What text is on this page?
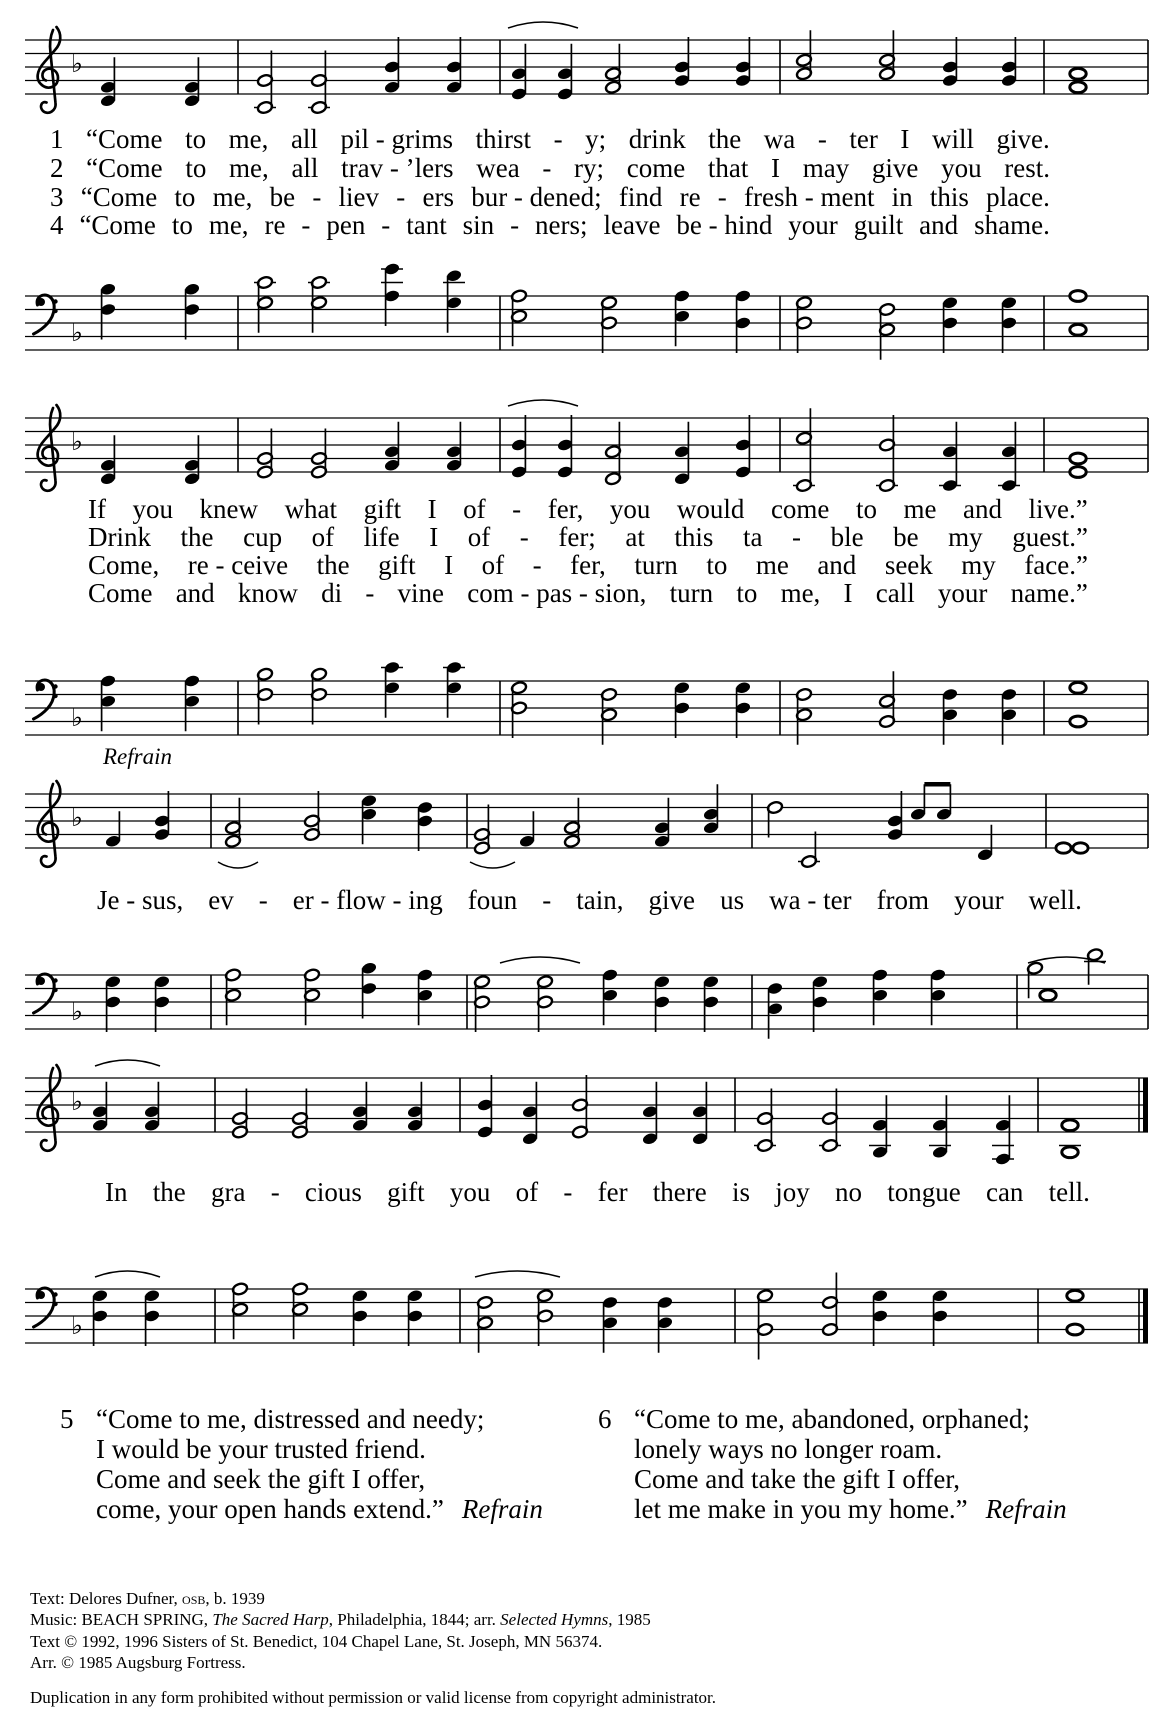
♭
♭
♭
♭
♭
♭
♭
♭
Refrain
Text: Delores Dufner, osb, b. 1939
Music: BEACH SPRING, The Sacred Harp, Philadelphia, 1844; arr. Selected Hymns, 1985
Text © 1992, 1996 Sisters of St. Benedict, 104 Chapel Lane, St. Joseph, MN 56374.
Arr. © 1985 Augsburg Fortress.
Duplication in any form prohibited without permission or valid license from copyright administrator.
1 “Come to me, all pil - grims thirst - y; drink the wa - ter I will give.
2 “Come to me, all trav - ’lers wea - ry; come that I may give you rest.
3 “Come to me, be - liev - ers bur - dened; find re - fresh - ment in this place.
4 “Come to me, re - pen - tant sin - ners; leave be - hind your guilt and shame.
If you knew what gift I of - fer, you would come to me and live.”
Drink the cup of life I of - fer; at this ta - ble be my guest.”
Come, re - ceive the gift I of - fer, turn to me and seek my face.”
Come and know di - vine com - pas - sion, turn to me, I call your name.”
Je - sus, ev - er - flow - ing foun - tain, give us wa - ter from your well.
In the gra - cious gift you of - fer there is joy no tongue can tell.
5 “Come to me, distressed and needy;
I would be your trusted friend.
Come and seek the gift I offer,
come, your open hands extend.” Refrain
6 “Come to me, abandoned, orphaned;
lonely ways no longer roam.
Come and take the gift I offer,
let me make in you my home.” Refrain
